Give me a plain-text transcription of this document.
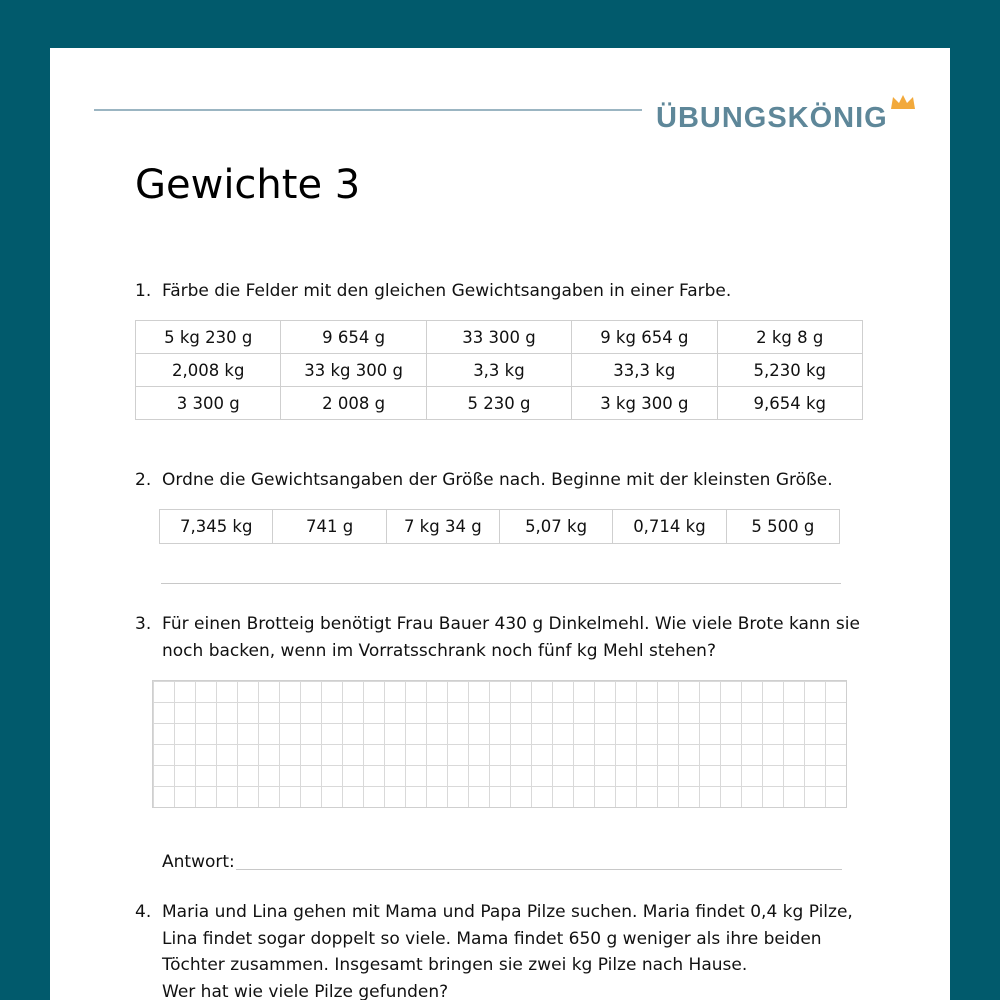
ÜBUNGSKÖNIG
Gewichte 3
1. Färbe die Felder mit den gleichen Gewichtsangaben in einer Farbe.
5 kg 230 g	9 654 g	33 300 g	9 kg 654 g	2 kg 8 g
2,008 kg	33 kg 300 g	3,3 kg	33,3 kg	5,230 kg
3 300 g	2 008 g	5 230 g	3 kg 300 g	9,654 kg
2. Ordne die Gewichtsangaben der Größe nach. Beginne mit der kleinsten Größe.
7,345 kg	741 g	7 kg 34 g	5,07 kg	0,714 kg	5 500 g
3. Für einen Brotteig benötigt Frau Bauer 430 g Dinkelmehl. Wie viele Brote kann sie
noch backen, wenn im Vorratsschrank noch fünf kg Mehl stehen?
Antwort:
4. Maria und Lina gehen mit Mama und Papa Pilze suchen. Maria findet 0,4 kg Pilze,
Lina findet sogar doppelt so viele. Mama findet 650 g weniger als ihre beiden
Töchter zusammen. Insgesamt bringen sie zwei kg Pilze nach Hause.
Wer hat wie viele Pilze gefunden?
